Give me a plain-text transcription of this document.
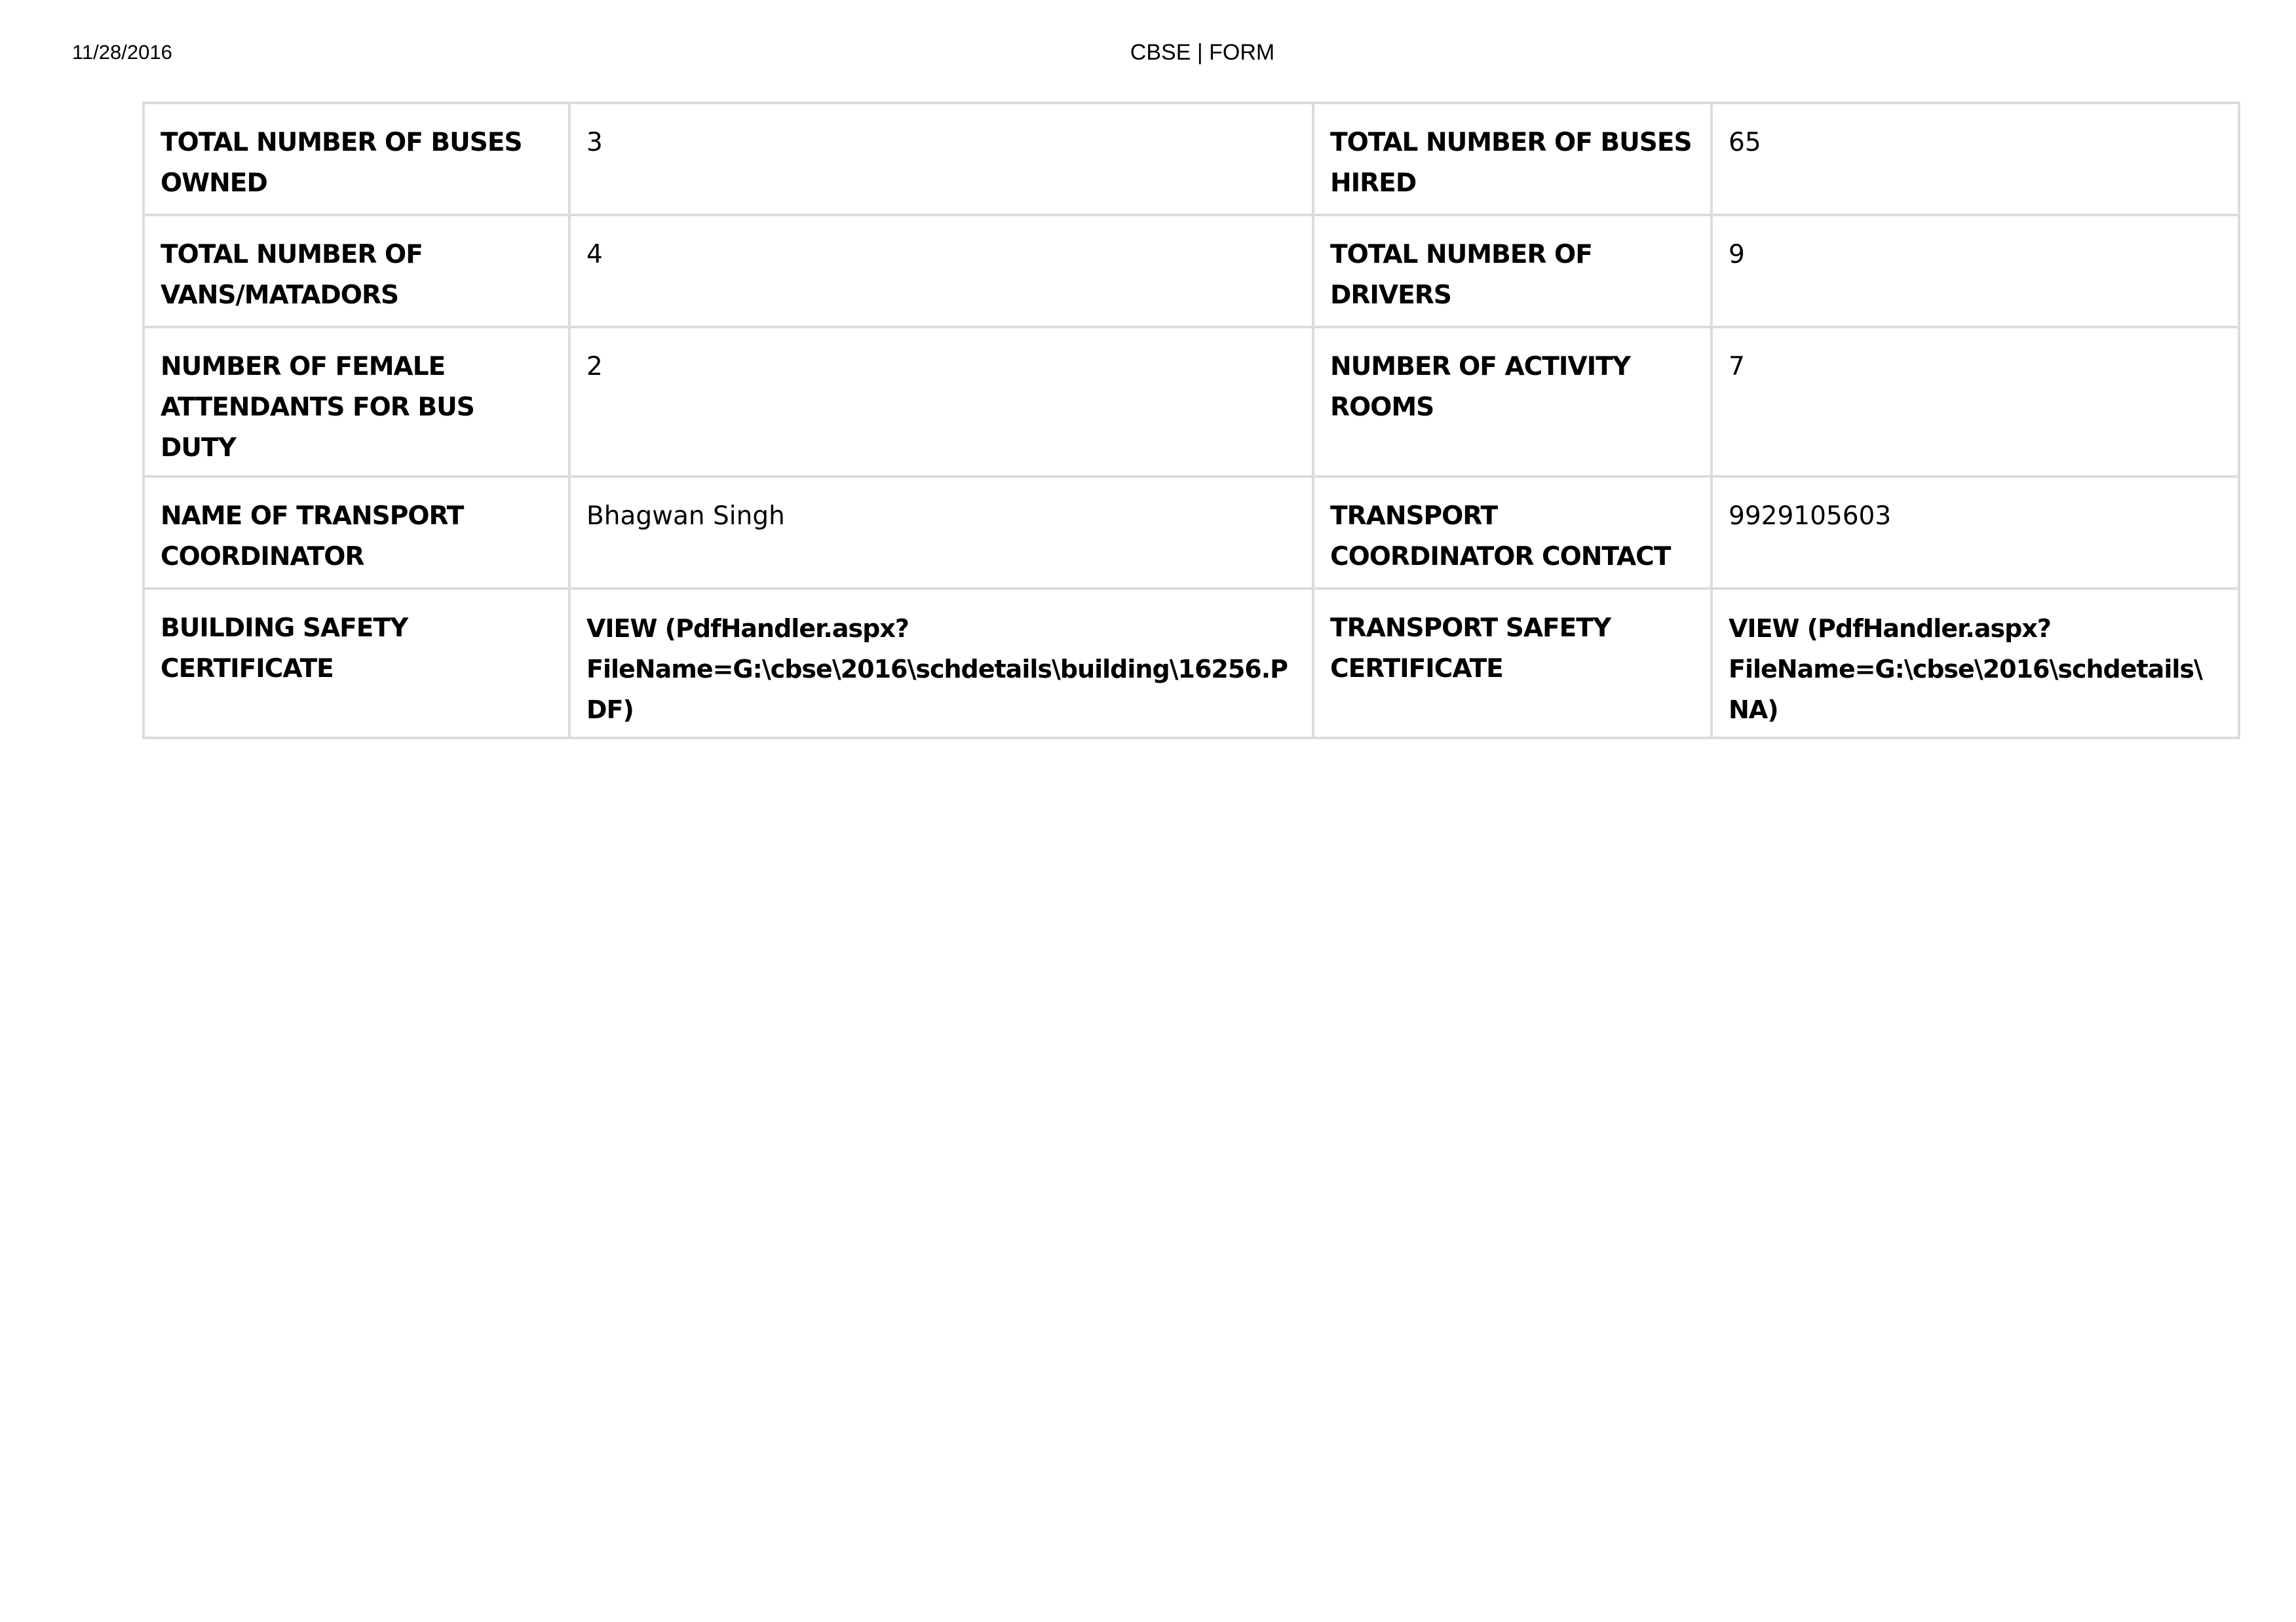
11/28/2016	CBSE | FORM
TOTAL NUMBER OF BUSES OWNED	3	TOTAL NUMBER OF BUSES HIRED	65
TOTAL NUMBER OF VANS/MATADORS	4	TOTAL NUMBER OF DRIVERS	9
NUMBER OF FEMALE ATTENDANTS FOR BUS DUTY	2	NUMBER OF ACTIVITY ROOMS	7
NAME OF TRANSPORT COORDINATOR	Bhagwan Singh	TRANSPORT COORDINATOR CONTACT	9929105603
BUILDING SAFETY CERTIFICATE	VIEW (PdfHandler.aspx?FileName=G:\cbse\2016\schdetails\building\16256.PDF)	TRANSPORT SAFETY CERTIFICATE	VIEW (PdfHandler.aspx?FileName=G:\cbse\2016\schdetails\NA)
